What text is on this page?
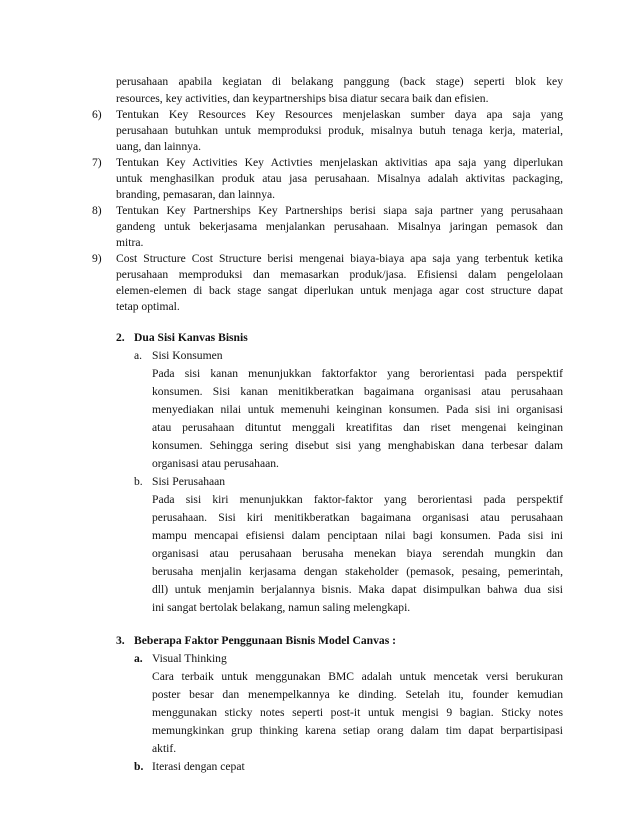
perusahaan apabila kegiatan di belakang panggung (back stage) seperti blok key
resources, key activities, dan keypartnerships bisa diatur secara baik dan efisien.
6) Tentukan Key Resources Key Resources menjelaskan sumber daya apa saja yang
perusahaan butuhkan untuk memproduksi produk, misalnya butuh tenaga kerja, material,
uang, dan lainnya.
7) Tentukan Key Activities Key Activties menjelaskan aktivitias apa saja yang diperlukan
untuk menghasilkan produk atau jasa perusahaan. Misalnya adalah aktivitas packaging,
branding, pemasaran, dan lainnya.
8) Tentukan Key Partnerships Key Partnerships berisi siapa saja partner yang perusahaan
gandeng untuk bekerjasama menjalankan perusahaan. Misalnya jaringan pemasok dan
mitra.
9) Cost Structure Cost Structure berisi mengenai biaya-biaya apa saja yang terbentuk ketika
perusahaan memproduksi dan memasarkan produk/jasa. Efisiensi dalam pengelolaan
elemen-elemen di back stage sangat diperlukan untuk menjaga agar cost structure dapat
tetap optimal.
2. Dua Sisi Kanvas Bisnis
a. Sisi Konsumen
Pada sisi kanan menunjukkan faktorfaktor yang berorientasi pada perspektif
konsumen. Sisi kanan menitikberatkan bagaimana organisasi atau perusahaan
menyediakan nilai untuk memenuhi keinginan konsumen. Pada sisi ini organisasi
atau perusahaan dituntut menggali kreatifitas dan riset mengenai keinginan
konsumen. Sehingga sering disebut sisi yang menghabiskan dana terbesar dalam
organisasi atau perusahaan.
b. Sisi Perusahaan
Pada sisi kiri menunjukkan faktor-faktor yang berorientasi pada perspektif
perusahaan. Sisi kiri menitikberatkan bagaimana organisasi atau perusahaan
mampu mencapai efisiensi dalam penciptaan nilai bagi konsumen. Pada sisi ini
organisasi atau perusahaan berusaha menekan biaya serendah mungkin dan
berusaha menjalin kerjasama dengan stakeholder (pemasok, pesaing, pemerintah,
dll) untuk menjamin berjalannya bisnis. Maka dapat disimpulkan bahwa dua sisi
ini sangat bertolak belakang, namun saling melengkapi.
3. Beberapa Faktor Penggunaan Bisnis Model Canvas :
a. Visual Thinking
Cara terbaik untuk menggunakan BMC adalah untuk mencetak versi berukuran
poster besar dan menempelkannya ke dinding. Setelah itu, founder kemudian
menggunakan sticky notes seperti post-it untuk mengisi 9 bagian. Sticky notes
memungkinkan grup thinking karena setiap orang dalam tim dapat berpartisipasi
aktif.
b. Iterasi dengan cepat
